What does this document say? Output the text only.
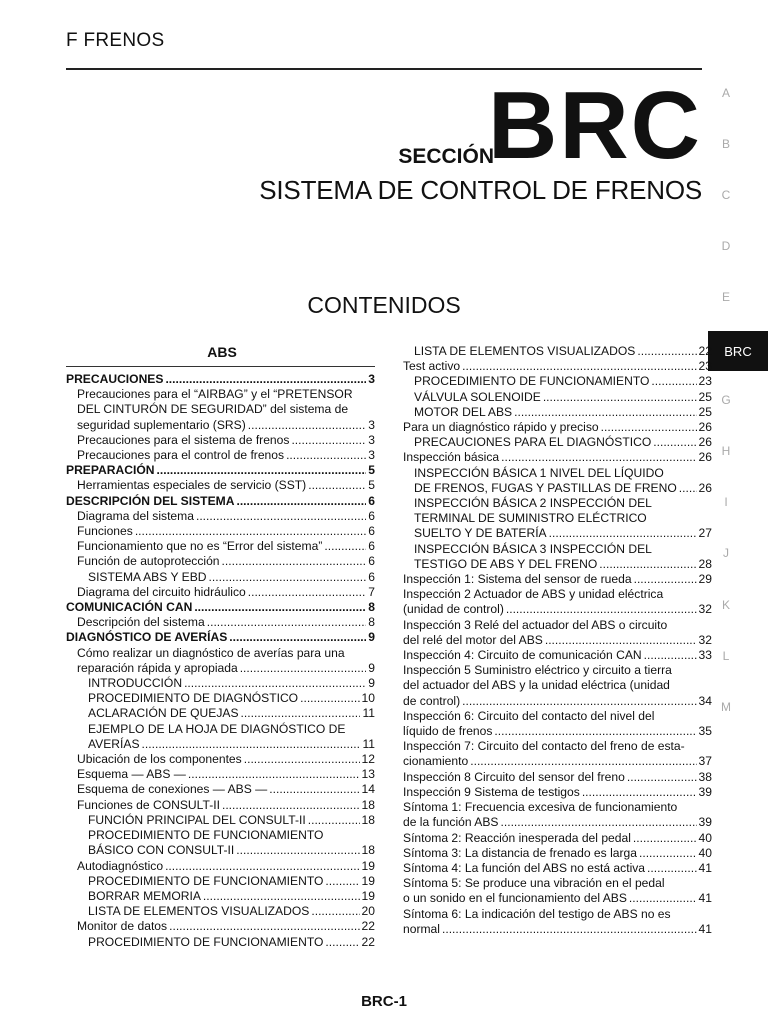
F FRENOS
SECCIÓN
BRC
SISTEMA DE CONTROL DE FRENOS
CONTENIDOS
A
B
C
D
E
G
H
I
J
K
L
M
BRC
ABS
PRECAUCIONES .....	3
Precauciones para el “AIRBAG” y el “PRETENSOR
DEL CINTURÓN DE SEGURIDAD” del sistema de
seguridad suplementario (SRS) .....	3
Precauciones para el sistema de frenos .....	3
Precauciones para el control de frenos .....	3
PREPARACIÓN .....	5
Herramientas especiales de servicio (SST) .....	5
DESCRIPCIÓN DEL SISTEMA .....	6
Diagrama del sistema .....	6
Funciones .....	6
Funcionamiento que no es “Error del sistema” .....	6
Función de autoprotección .....	6
SISTEMA ABS Y EBD .....	6
Diagrama del circuito hidráulico .....	7
COMUNICACIÓN CAN .....	8
Descripción del sistema .....	8
DIAGNÓSTICO DE AVERÍAS .....	9
Cómo realizar un diagnóstico de averías para una
reparación rápida y apropiada .....	9
INTRODUCCIÓN .....	9
PROCEDIMIENTO DE DIAGNÓSTICO .....	10
ACLARACIÓN DE QUEJAS .....	11
EJEMPLO DE LA HOJA DE DIAGNÓSTICO DE
AVERÍAS .....	11
Ubicación de los componentes .....	12
Esquema — ABS — .....	13
Esquema de conexiones — ABS — .....	14
Funciones de CONSULT-II .....	18
FUNCIÓN PRINCIPAL DEL CONSULT-II .....	18
PROCEDIMIENTO DE FUNCIONAMIENTO
BÁSICO CON CONSULT-II .....	18
Autodiagnóstico .....	19
PROCEDIMIENTO DE FUNCIONAMIENTO .....	19
BORRAR MEMORIA .....	19
LISTA DE ELEMENTOS VISUALIZADOS .....	20
Monitor de datos .....	22
PROCEDIMIENTO DE FUNCIONAMIENTO .....	22
LISTA DE ELEMENTOS VISUALIZADOS .....	22
Test activo .....	23
PROCEDIMIENTO DE FUNCIONAMIENTO .....	23
VÁLVULA SOLENOIDE .....	25
MOTOR DEL ABS .....	25
Para un diagnóstico rápido y preciso .....	26
PRECAUCIONES PARA EL DIAGNÓSTICO .....	26
Inspección básica .....	26
INSPECCIÓN BÁSICA 1 NIVEL DEL LÍQUIDO
DE FRENOS, FUGAS Y PASTILLAS DE FRENO ..... 26
INSPECCIÓN BÁSICA 2 INSPECCIÓN DEL
TERMINAL DE SUMINISTRO ELÉCTRICO
SUELTO Y DE BATERÍA .....	27
INSPECCIÓN BÁSICA 3 INSPECCIÓN DEL
TESTIGO DE ABS Y DEL FRENO .....	28
Inspección 1: Sistema del sensor de rueda .....	29
Inspección 2 Actuador de ABS y unidad eléctrica
(unidad de control) .....	32
Inspección 3 Relé del actuador del ABS o circuito
del relé del motor del ABS .....	32
Inspección 4: Circuito de comunicación CAN .....	33
Inspección 5 Suministro eléctrico y circuito a tierra
del actuador del ABS y la unidad eléctrica (unidad
de control) .....	34
Inspección 6: Circuito del contacto del nivel del
líquido de frenos .....	35
Inspección 7: Circuito del contacto del freno de esta-
cionamiento .....	37
Inspección 8 Circuito del sensor del freno .....	38
Inspección 9 Sistema de testigos .....	39
Síntoma 1: Frecuencia excesiva de funcionamiento
de la función ABS .....	39
Síntoma 2: Reacción inesperada del pedal .....	40
Síntoma 3: La distancia de frenado es larga .....	40
Síntoma 4: La función del ABS no está activa .....	41
Síntoma 5: Se produce una vibración en el pedal
o un sonido en el funcionamiento del ABS .....	41
Síntoma 6: La indicación del testigo de ABS no es
normal .....	41
BRC-1
